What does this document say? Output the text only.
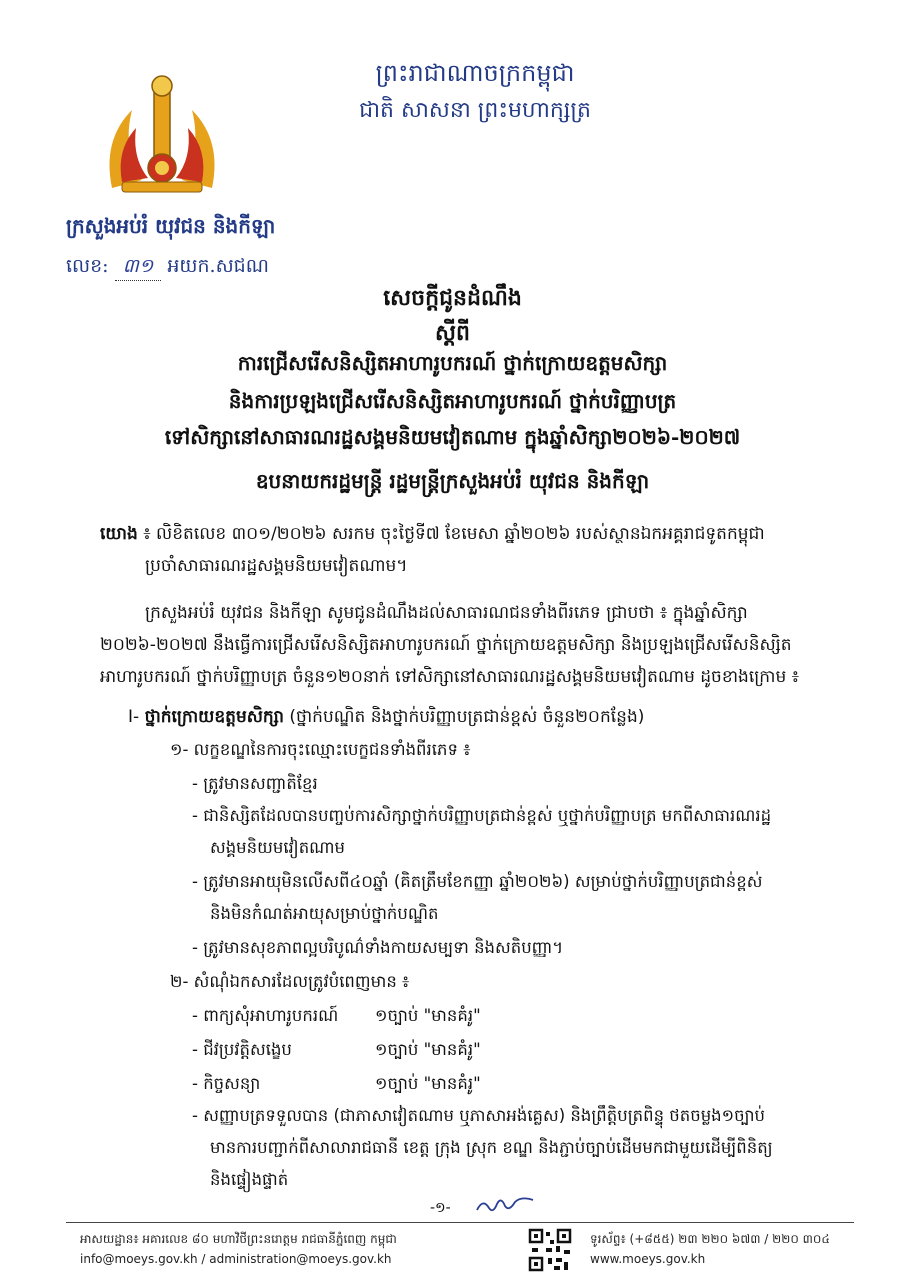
ព្រះរាជាណាចក្រកម្ពុជា
ជាតិ សាសនា ព្រះមហាក្សត្រ
ក្រសួងអប់រំ យុវជន និងកីឡា
លេខ: ៣១ អយក.សជណ
សេចក្តីជូនដំណឹង
ស្តីពី
ការជ្រើសរើសនិស្សិតអាហារូបករណ៍ ថ្នាក់ក្រោយឧត្តមសិក្សា
និងការប្រឡងជ្រើសរើសនិស្សិតអាហារូបករណ៍ ថ្នាក់បរិញ្ញាបត្រ
ទៅសិក្សានៅសាធារណរដ្ឋសង្គមនិយមវៀតណាម ក្នុងឆ្នាំសិក្សា២០២៦-២០២៧
ឧបនាយករដ្ឋមន្ត្រី រដ្ឋមន្ត្រីក្រសួងអប់រំ យុវជន និងកីឡា
យោង ៖ លិខិតលេខ ៣០១/២០២៦ សរកម ចុះថ្ងៃទី៧ ខែមេសា ឆ្នាំ២០២៦ របស់ស្ថានឯកអគ្គរាជទូតកម្ពុជា
ប្រចាំសាធារណរដ្ឋសង្គមនិយមវៀតណាម។
ក្រសួងអប់រំ យុវជន និងកីឡា សូមជូនដំណឹងដល់សាធារណជនទាំងពីរភេទ ជ្រាបថា ៖ ក្នុងឆ្នាំសិក្សា
២០២៦-២០២៧ នឹងធ្វើការជ្រើសរើសនិស្សិតអាហារូបករណ៍ ថ្នាក់ក្រោយឧត្តមសិក្សា និងប្រឡងជ្រើសរើសនិស្សិត
អាហារូបករណ៍ ថ្នាក់បរិញ្ញាបត្រ ចំនួន១២០នាក់ ទៅសិក្សានៅសាធារណរដ្ឋសង្គមនិយមវៀតណាម ដូចខាងក្រោម ៖
I- ថ្នាក់ក្រោយឧត្តមសិក្សា (ថ្នាក់បណ្ឌិត និងថ្នាក់បរិញ្ញាបត្រជាន់ខ្ពស់ ចំនួន២០កន្លែង)
១- លក្ខខណ្ឌនៃការចុះឈ្មោះបេក្ខជនទាំងពីរភេទ ៖
- ត្រូវមានសញ្ជាតិខ្មែរ
- ជានិស្សិតដែលបានបញ្ចប់ការសិក្សាថ្នាក់បរិញ្ញាបត្រជាន់ខ្ពស់ ឬថ្នាក់បរិញ្ញាបត្រ មកពីសាធារណរដ្ឋ
សង្គមនិយមវៀតណាម
- ត្រូវមានអាយុមិនលើសពី៤០ឆ្នាំ (គិតត្រឹមខែកញ្ញា ឆ្នាំ២០២៦) សម្រាប់ថ្នាក់បរិញ្ញាបត្រជាន់ខ្ពស់
និងមិនកំណត់អាយុសម្រាប់ថ្នាក់បណ្ឌិត
- ត្រូវមានសុខភាពល្អបរិបូណ៌ទាំងកាយសម្បទា និងសតិបញ្ញា។
២- សំណុំឯកសារដែលត្រូវបំពេញមាន ៖
- ពាក្យសុំអាហារូបករណ៍ ១ច្បាប់ "មានគំរូ"
- ជីវប្រវត្តិសង្ខេប	១ច្បាប់ "មានគំរូ"
- កិច្ចសន្យា	១ច្បាប់ "មានគំរូ"
- សញ្ញាបត្រទទួលបាន (ជាភាសាវៀតណាម ឬភាសាអង់គ្លេស) និងព្រឹត្តិបត្រពិន្ទុ ថតចម្លង១ច្បាប់
មានការបញ្ជាក់ពីសាលារាជធានី ខេត្ត ក្រុង ស្រុក ខណ្ឌ និងភ្ជាប់ច្បាប់ដើមមកជាមួយដើម្បីពិនិត្យ
និងផ្ទៀងផ្ទាត់
-១-
អាសយដ្ឋាន៖ អគារលេខ ៨០ មហាវិថីព្រះនរោត្តម រាជធានីភ្នំពេញ កម្ពុជា
info@moeys.gov.kh / administration@moeys.gov.kh
ទូរស័ព្ទ៖ (+៨៥៥) ២៣ ២២០ ៦៧៣ / ២២០ ៣០៤
www.moeys.gov.kh
